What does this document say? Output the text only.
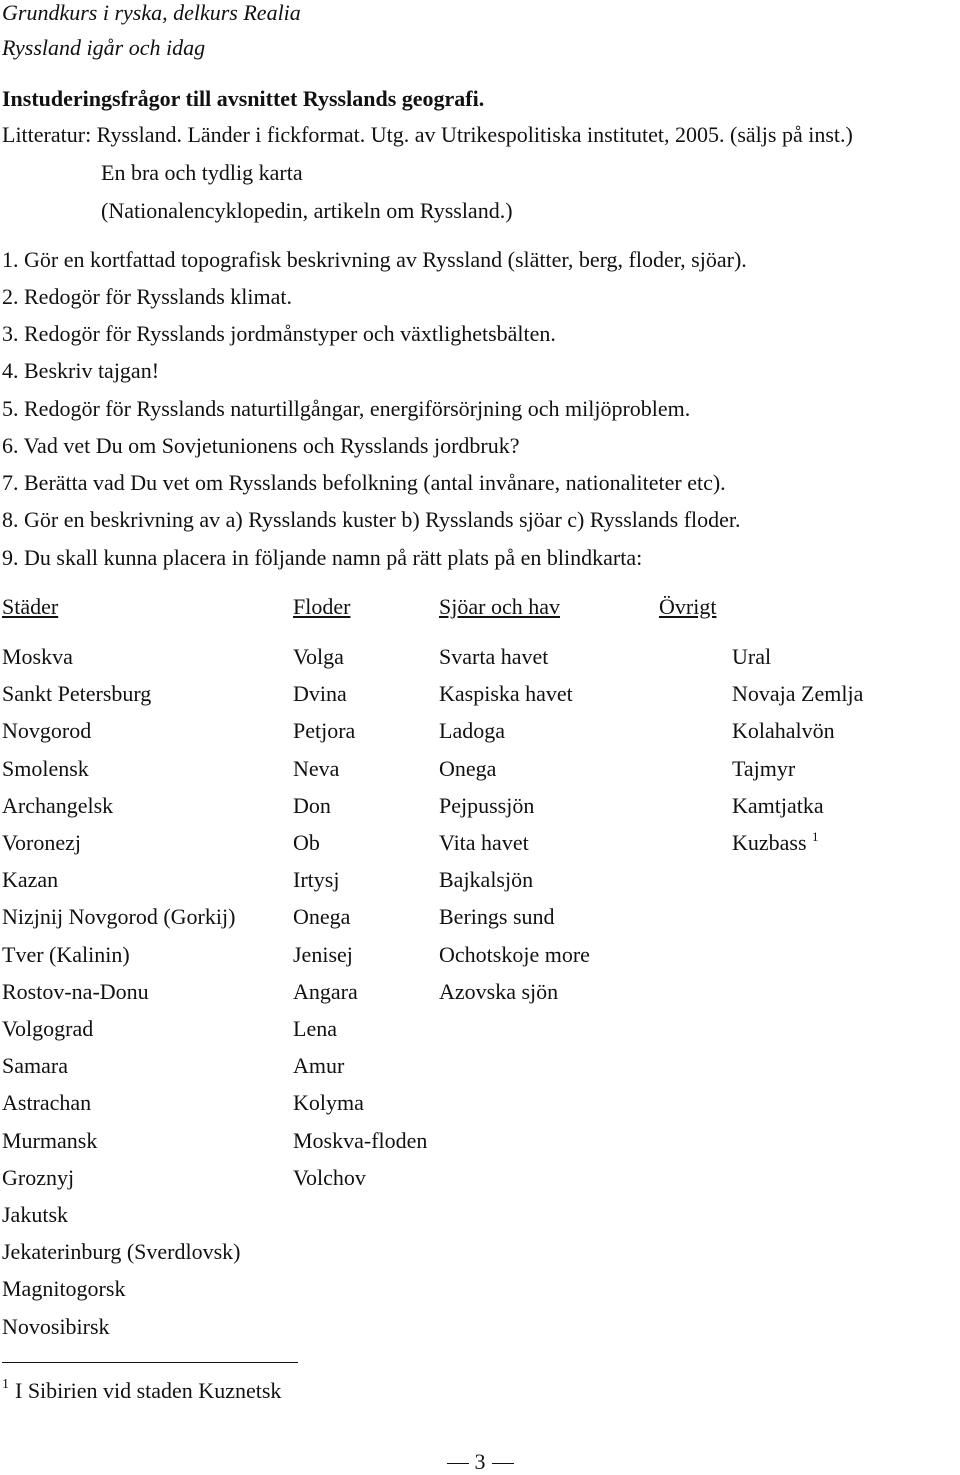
Grundkurs i ryska, delkurs Realia
Ryssland igår och idag
Instuderingsfrågor till avsnittet Rysslands geografi.
Litteratur: Ryssland. Länder i fickformat. Utg. av Utrikespolitiska institutet, 2005. (säljs på inst.)
En bra och tydlig karta
(Nationalencyklopedin, artikeln om Ryssland.)
1. Gör en kortfattad topografisk beskrivning av Ryssland (slätter, berg, floder, sjöar).
2. Redogör för Rysslands klimat.
3. Redogör för Rysslands jordmånstyper och växtlighetsbälten.
4. Beskriv tajgan!
5. Redogör för Rysslands naturtillgångar, energiförsörjning och miljöproblem.
6. Vad vet Du om Sovjetunionens och Rysslands jordbruk?
7. Berätta vad Du vet om Rysslands befolkning (antal invånare, nationaliteter etc).
8. Gör en beskrivning av a) Rysslands kuster b) Rysslands sjöar c) Rysslands floder.
9. Du skall kunna placera in följande namn på rätt plats på en blindkarta:
Städer	Floder	Sjöar och hav	Övrigt
Moskva	Volga	Svarta havet	Ural
Sankt Petersburg	Dvina	Kaspiska havet	Novaja Zemlja
Novgorod	Petjora	Ladoga	Kolahalvön
Smolensk	Neva	Onega	Tajmyr
Archangelsk	Don	Pejpussjön	Kamtjatka
Voronezj	Ob	Vita havet	Kuzbass $^1$
Kazan	Irtysj	Bajkalsjön
Nizjnij Novgorod (Gorkij)	Onega	Berings sund
Tver (Kalinin)	Jenisej	Ochotskoje more
Rostov-na-Donu	Angara	Azovska sjön
Volgograd	Lena
Samara	Amur
Astrachan	Kolyma
Murmansk	Moskva-floden
Groznyj	Volchov
Jakutsk
Jekaterinburg (Sverdlovsk)
Magnitogorsk
Novosibirsk
$^1$ I Sibirien vid staden Kuznetsk
3
